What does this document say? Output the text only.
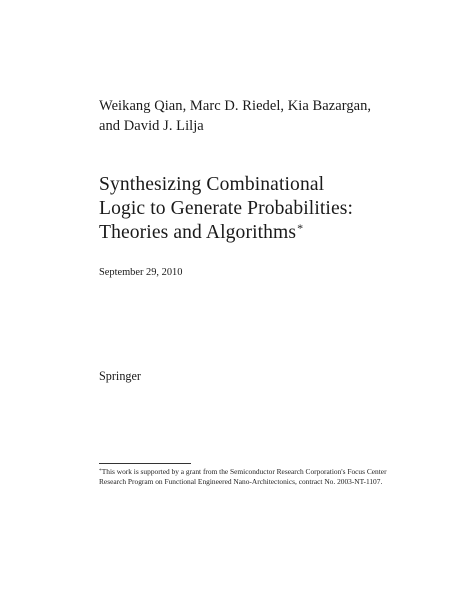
Weikang Qian, Marc D. Riedel, Kia Bazargan,
and David J. Lilja
Synthesizing Combinational
Logic to Generate Probabilities:
Theories and Algorithms*
September 29, 2010
Springer
*This work is supported by a grant from the Semiconductor Research Corporation's Focus Center
Research Program on Functional Engineered Nano-Architectonics, contract No. 2003-NT-1107.
